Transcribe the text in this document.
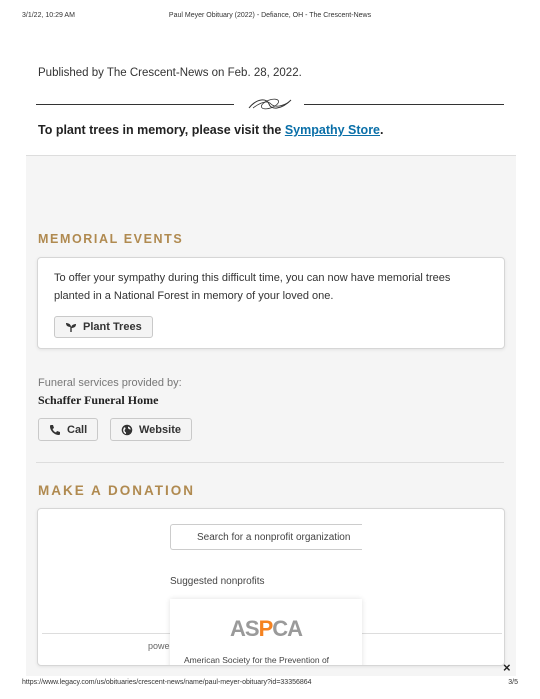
3/1/22, 10:29 AM	Paul Meyer Obituary (2022) - Defiance, OH - The Crescent-News
Published by The Crescent-News on Feb. 28, 2022.
To plant trees in memory, please visit the Sympathy Store.
MEMORIAL EVENTS
To offer your sympathy during this difficult time, you can now have memorial trees planted in a National Forest in memory of your loved one.
Plant Trees
Funeral services provided by:
Schaffer Funeral Home
Call	Website
MAKE A DONATION
Search for a nonprofit organization
Suggested nonprofits
powe
ASPCA
American Society for the Prevention of	×
https://www.legacy.com/us/obituaries/crescent-news/name/paul-meyer-obituary?id=33356864	3/5
